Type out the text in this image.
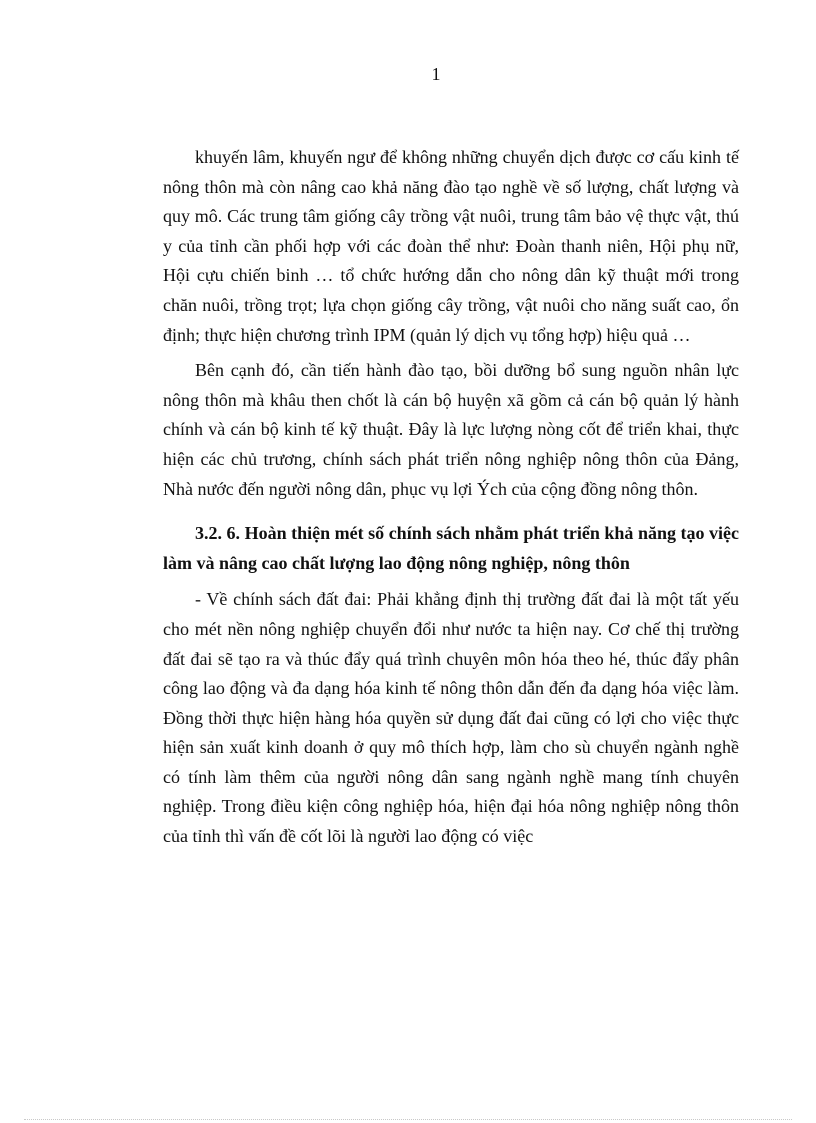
1

khuyến lâm, khuyến ngư để không những chuyển dịch được cơ cấu kinh tế nông thôn mà còn nâng cao khả năng đào tạo nghề về số lượng, chất lượng và quy mô. Các trung tâm giống cây trồng vật nuôi, trung tâm bảo vệ thực vật, thú y của tỉnh cần phối hợp với các đoàn thể như: Đoàn thanh niên, Hội phụ nữ, Hội cựu chiến binh … tổ chức hướng dẫn cho nông dân kỹ thuật mới trong chăn nuôi, trồng trọt; lựa chọn giống cây trồng, vật nuôi cho năng suất cao, ổn định; thực hiện chương trình IPM (quản lý dịch vụ tổng hợp) hiệu quả …

Bên cạnh đó, cần tiến hành đào tạo, bồi dưỡng bổ sung nguồn nhân lực nông thôn mà khâu then chốt là cán bộ huyện xã gồm cả cán bộ quản lý hành chính và cán bộ kinh tế kỹ thuật. Đây là lực lượng nòng cốt để triển khai, thực hiện các chủ trương, chính sách phát triển nông nghiệp nông thôn của Đảng, Nhà nước đến người nông dân, phục vụ lợi Ých của cộng đồng nông thôn.

3.2. 6. Hoàn thiện mét số chính sách nhằm phát triển khả năng tạo việc làm và nâng cao chất lượng lao động nông nghiệp, nông thôn

- Về chính sách đất đai: Phải khẳng định thị trường đất đai là một tất yếu cho mét nền nông nghiệp chuyển đổi như nước ta hiện nay. Cơ chế thị trường đất đai sẽ tạo ra và thúc đẩy quá trình chuyên môn hóa theo hé, thúc đẩy phân công lao động và đa dạng hóa kinh tế nông thôn dẫn đến đa dạng hóa việc làm. Đồng thời thực hiện hàng hóa quyền sử dụng đất đai cũng có lợi cho việc thực hiện sản xuất kinh doanh ở quy mô thích hợp, làm cho sù chuyển ngành nghề có tính làm thêm của người nông dân sang ngành nghề mang tính chuyên nghiệp. Trong điều kiện công nghiệp hóa, hiện đại hóa nông nghiệp nông thôn của tỉnh thì vấn đề cốt lõi là người lao động có việc
